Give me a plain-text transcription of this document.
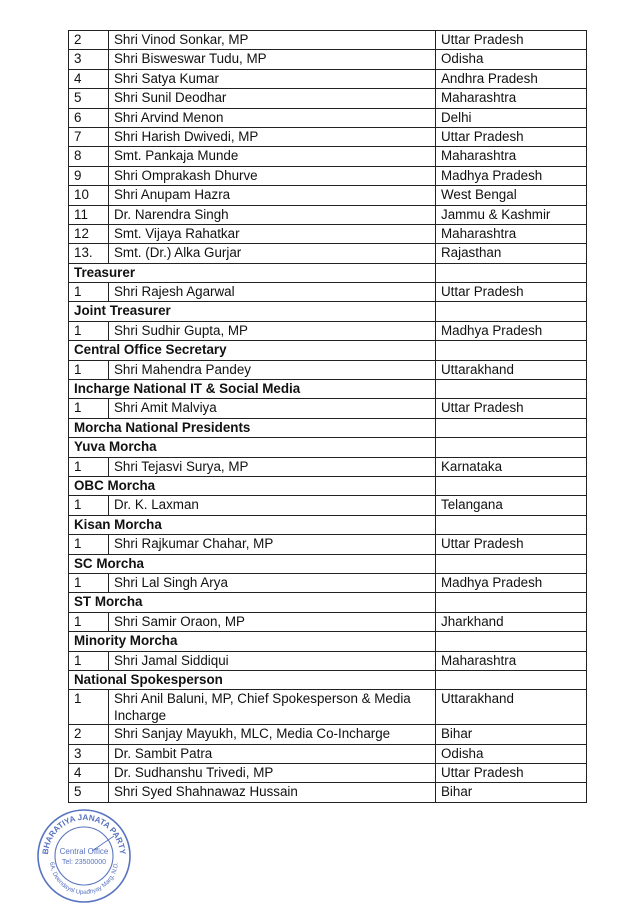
2	Shri Vinod Sonkar, MP	Uttar Pradesh
3	Shri Bisweswar Tudu, MP	Odisha
4	Shri Satya Kumar	Andhra Pradesh
5	Shri Sunil Deodhar	Maharashtra
6	Shri Arvind Menon	Delhi
7	Shri Harish Dwivedi, MP	Uttar Pradesh
8	Smt. Pankaja Munde	Maharashtra
9	Shri Omprakash Dhurve	Madhya Pradesh
10	Shri Anupam Hazra	West Bengal
11	Dr. Narendra Singh	Jammu & Kashmir
12	Smt. Vijaya Rahatkar	Maharashtra
13.	Smt. (Dr.) Alka Gurjar	Rajasthan
Treasurer		
1	Shri Rajesh Agarwal	Uttar Pradesh
Joint Treasurer		
1	Shri Sudhir Gupta, MP	Madhya Pradesh
Central Office Secretary		
1	Shri Mahendra Pandey	Uttarakhand
Incharge National IT & Social Media		
1	Shri Amit Malviya	Uttar Pradesh
Morcha National Presidents		
Yuva Morcha		
1	Shri Tejasvi Surya, MP	Karnataka
OBC Morcha		
1	Dr. K. Laxman	Telangana
Kisan Morcha		
1	Shri Rajkumar Chahar, MP	Uttar Pradesh
SC Morcha		
1	Shri Lal Singh Arya	Madhya Pradesh
ST Morcha		
1	Shri Samir Oraon, MP	Jharkhand
Minority Morcha		
1	Shri Jamal Siddiqui	Maharashtra
National Spokesperson		
1	Shri Anil Baluni, MP, Chief Spokesperson & Media Incharge	Uttarakhand
2	Shri Sanjay Mayukh, MLC, Media Co-Incharge	Bihar
3	Dr. Sambit Patra	Odisha
4	Dr. Sudhanshu Trivedi, MP	Uttar Pradesh
5	Shri Syed Shahnawaz Hussain	Bihar
BHARATIYA JANATA PARTY
6A, Deendayal Upadhyay Marg, N.D.
Central Office
Tel: 23500000
